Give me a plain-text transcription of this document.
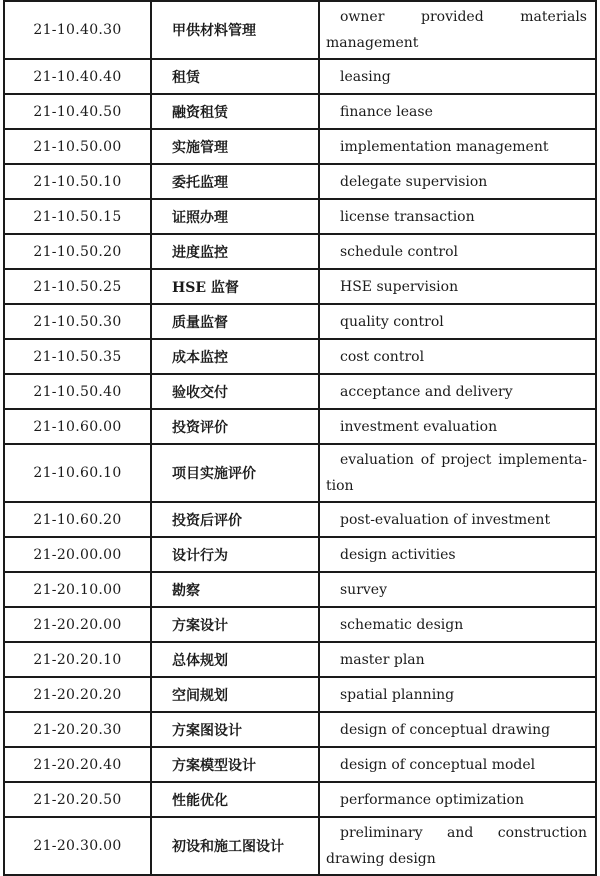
21-10.40.30	甲供材料管理	owner provided materials management
21-10.40.40	租赁	leasing
21-10.40.50	融资租赁	finance lease
21-10.50.00	实施管理	implementation management
21-10.50.10	委托监理	delegate supervision
21-10.50.15	证照办理	license transaction
21-10.50.20	进度监控	schedule control
21-10.50.25	HSE 监督	HSE supervision
21-10.50.30	质量监督	quality control
21-10.50.35	成本监控	cost control
21-10.50.40	验收交付	acceptance and delivery
21-10.60.00	投资评价	investment evaluation
21-10.60.10	项目实施评价	evaluation of project implementation
21-10.60.20	投资后评价	post-evaluation of investment
21-20.00.00	设计行为	design activities
21-20.10.00	勘察	survey
21-20.20.00	方案设计	schematic design
21-20.20.10	总体规划	master plan
21-20.20.20	空间规划	spatial planning
21-20.20.30	方案图设计	design of conceptual drawing
21-20.20.40	方案模型设计	design of conceptual model
21-20.20.50	性能优化	performance optimization
21-20.30.00	初设和施工图设计	preliminary and construction drawing design
